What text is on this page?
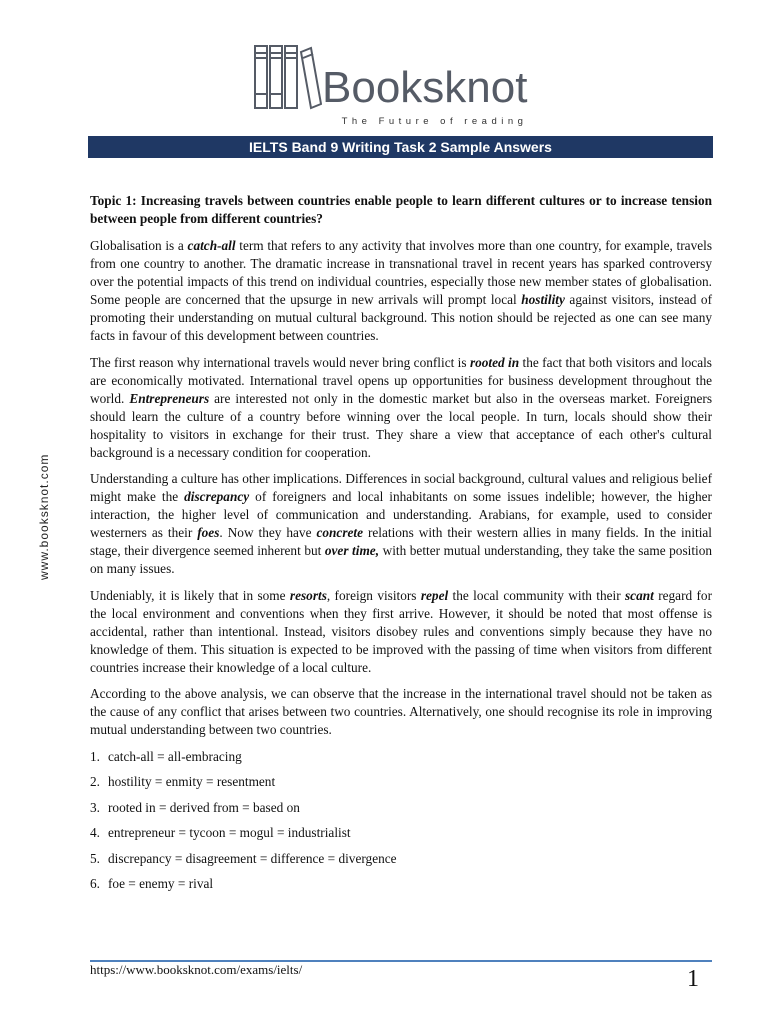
Booksknot
The Future of reading
IELTS Band 9 Writing Task 2 Sample Answers
www.booksknot.com

Topic 1: Increasing travels between countries enable people to learn different cultures or to increase tension between people from different countries?

Globalisation is a catch-all term that refers to any activity that involves more than one country, for example, travels from one country to another. The dramatic increase in transnational travel in recent years has sparked controversy over the potential impacts of this trend on individual countries, especially those new member states of globalisation. Some people are concerned that the upsurge in new arrivals will prompt local hostility against visitors, instead of promoting their understanding on mutual cultural background. This notion should be rejected as one can see many facts in favour of this development between countries.

The first reason why international travels would never bring conflict is rooted in the fact that both visitors and locals are economically motivated. International travel opens up opportunities for business development throughout the world. Entrepreneurs are interested not only in the domestic market but also in the overseas market. Foreigners should learn the culture of a country before winning over the local people. In turn, locals should show their hospitality to visitors in exchange for their trust. They share a view that acceptance of each other's cultural background is a necessary condition for cooperation.

Understanding a culture has other implications. Differences in social background, cultural values and religious belief might make the discrepancy of foreigners and local inhabitants on some issues indelible; however, the higher interaction, the higher level of communication and understanding. Arabians, for example, used to consider westerners as their foes. Now they have concrete relations with their western allies in many fields. In the initial stage, their divergence seemed inherent but over time, with better mutual understanding, they take the same position on many issues.

Undeniably, it is likely that in some resorts, foreign visitors repel the local community with their scant regard for the local environment and conventions when they first arrive. However, it should be noted that most offense is accidental, rather than intentional. Instead, visitors disobey rules and conventions simply because they have no knowledge of them. This situation is expected to be improved with the passing of time when visitors from different countries increase their knowledge of a local culture.

According to the above analysis, we can observe that the increase in the international travel should not be taken as the cause of any conflict that arises between two countries. Alternatively, one should recognise its role in improving mutual understanding between two countries.

1. catch-all = all-embracing
2. hostility = enmity = resentment
3. rooted in = derived from = based on
4. entrepreneur = tycoon = mogul = industrialist
5. discrepancy = disagreement = difference = divergence
6. foe = enemy = rival
https://www.booksknot.com/exams/ielts/	1
